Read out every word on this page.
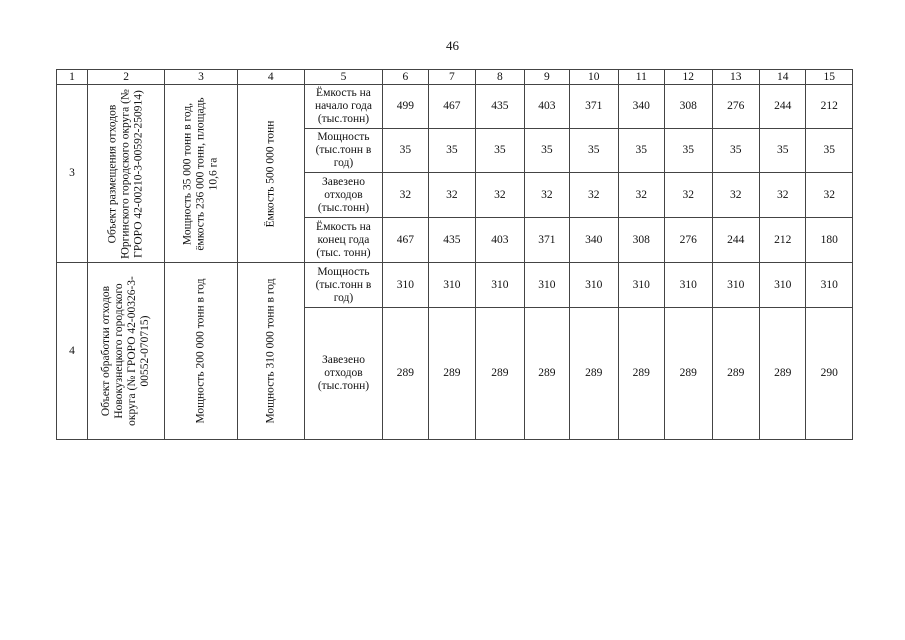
46
1	2	3	4	5	6	7	8	9	10	11	12	13	14	15
3	Объект размещения отходов Юргинского городского округа (№ ГРОРО 42-00210-3-00592-250914)	Мощность 35 000 тонн в год, ёмкость 236 000 тонн, площадь 10,6 га	Ёмкость 500 000 тонн	Ёмкость на начало года (тыс.тонн)	499	467	435	403	371	340	308	276	244	212
				Мощность (тыс.тонн в год)	35	35	35	35	35	35	35	35	35	35
				Завезено отходов (тыс.тонн)	32	32	32	32	32	32	32	32	32	32
				Ёмкость на конец года (тыс. тонн)	467	435	403	371	340	308	276	244	212	180
4	Объект обработки отходов Новокузнецкого городского округа (№ ГРОРО 42-00326-3-00552-070715)	Мощность 200 000 тонн в год	Мощность 310 000 тонн в год	Мощность (тыс.тонн в год)	310	310	310	310	310	310	310	310	310	310
				Завезено отходов (тыс.тонн)	289	289	289	289	289	289	289	289	289	290
